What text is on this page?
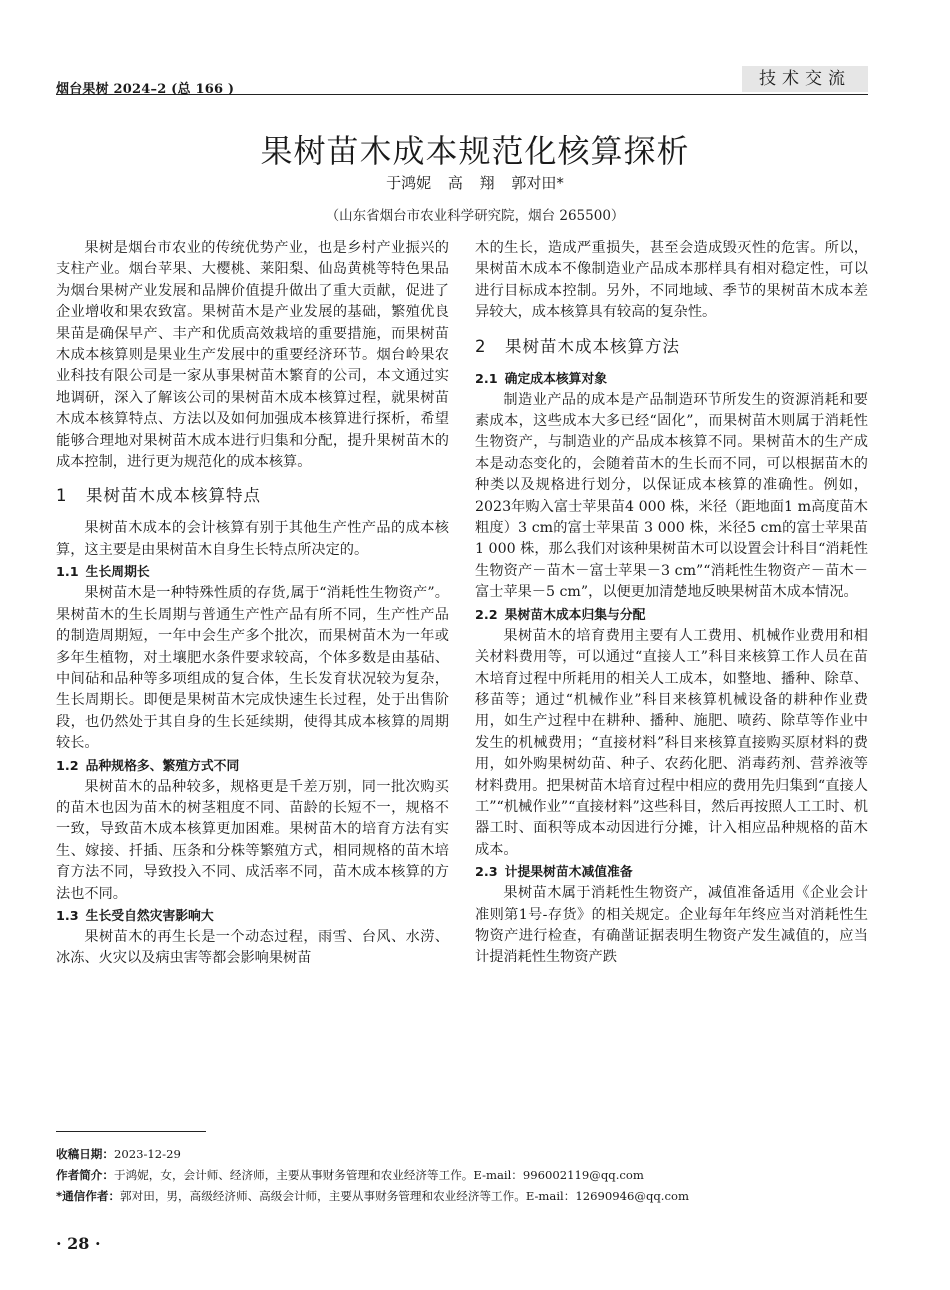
烟台果树 2024–2 (总 166 )
技术交流
果树苗木成本规范化核算探析
于鸿妮 高 翔 郭对田*
（山东省烟台市农业科学研究院，烟台 265500）

果树是烟台市农业的传统优势产业，也是乡村产业振兴的支柱产业。烟台苹果、大樱桃、莱阳梨、仙岛黄桃等特色果品为烟台果树产业发展和品牌价值提升做出了重大贡献，促进了企业增收和果农致富。果树苗木是产业发展的基础，繁殖优良果苗是确保早产、丰产和优质高效栽培的重要措施，而果树苗木成本核算则是果业生产发展中的重要经济环节。烟台岭果农业科技有限公司是一家从事果树苗木繁育的公司，本文通过实地调研，深入了解该公司的果树苗木成本核算过程，就果树苗木成本核算特点、方法以及如何加强成本核算进行探析，希望能够合理地对果树苗木成本进行归集和分配，提升果树苗木的成本控制，进行更为规范化的成本核算。

1 果树苗木成本核算特点

果树苗木成本的会计核算有别于其他生产性产品的成本核算，这主要是由果树苗木自身生长特点所决定的。

1.1 生长周期长

果树苗木是一种特殊性质的存货,属于“消耗性生物资产”。果树苗木的生长周期与普通生产性产品有所不同，生产性产品的制造周期短，一年中会生产多个批次，而果树苗木为一年或多年生植物，对土壤肥水条件要求较高，个体多数是由基砧、中间砧和品种等多项组成的复合体，生长发育状况较为复杂，生长周期长。即便是果树苗木完成快速生长过程，处于出售阶段，也仍然处于其自身的生长延续期，使得其成本核算的周期较长。

1.2 品种规格多、繁殖方式不同

果树苗木的品种较多，规格更是千差万别，同一批次购买的苗木也因为苗木的树茎粗度不同、苗龄的长短不一，规格不一致，导致苗木成本核算更加困难。果树苗木的培育方法有实生、嫁接、扦插、压条和分株等繁殖方式，相同规格的苗木培育方法不同，导致投入不同、成活率不同，苗木成本核算的方法也不同。

1.3 生长受自然灾害影响大

果树苗木的再生长是一个动态过程，雨雪、台风、水涝、冰冻、火灾以及病虫害等都会影响果树苗

木的生长，造成严重损失，甚至会造成毁灭性的危害。所以，果树苗木成本不像制造业产品成本那样具有相对稳定性，可以进行目标成本控制。另外，不同地域、季节的果树苗木成本差异较大，成本核算具有较高的复杂性。

2 果树苗木成本核算方法
2.1 确定成本核算对象

制造业产品的成本是产品制造环节所发生的资源消耗和要素成本，这些成本大多已经“固化”，而果树苗木则属于消耗性生物资产，与制造业的产品成本核算不同。果树苗木的生产成本是动态变化的，会随着苗木的生长而不同，可以根据苗木的种类以及规格进行划分，以保证成本核算的准确性。例如，2023年购入富士苹果苗4 000 株，米径（距地面1 m高度苗木粗度）3 cm的富士苹果苗 3 000 株，米径5 cm的富士苹果苗1 000 株，那么我们对该种果树苗木可以设置会计科目“消耗性生物资产－苗木－富士苹果－3 cm”“消耗性生物资产－苗木－富士苹果－5 cm”，以便更加清楚地反映果树苗木成本情况。

2.2 果树苗木成本归集与分配

果树苗木的培育费用主要有人工费用、机械作业费用和相关材料费用等，可以通过“直接人工”科目来核算工作人员在苗木培育过程中所耗用的相关人工成本，如整地、播种、除草、移苗等；通过“机械作业”科目来核算机械设备的耕种作业费用，如生产过程中在耕种、播种、施肥、喷药、除草等作业中发生的机械费用；“直接材料”科目来核算直接购买原材料的费用，如外购果树幼苗、种子、农药化肥、消毒药剂、营养液等材料费用。把果树苗木培育过程中相应的费用先归集到“直接人工”“机械作业”“直接材料”这些科目，然后再按照人工工时、机器工时、面积等成本动因进行分摊，计入相应品种规格的苗木成本。

2.3 计提果树苗木减值准备

果树苗木属于消耗性生物资产，减值准备适用《企业会计准则第1号-存货》的相关规定。企业每年年终应当对消耗性生物资产进行检查，有确凿证据表明生物资产发生减值的，应当计提消耗性生物资产跌

收稿日期：2023-12-29
作者简介：于鸿妮，女，会计师、经济师，主要从事财务管理和农业经济等工作。E-mail：996002119@qq.com
*通信作者：郭对田，男，高级经济师、高级会计师，主要从事财务管理和农业经济等工作。E-mail：12690946@qq.com
· 28 ·
